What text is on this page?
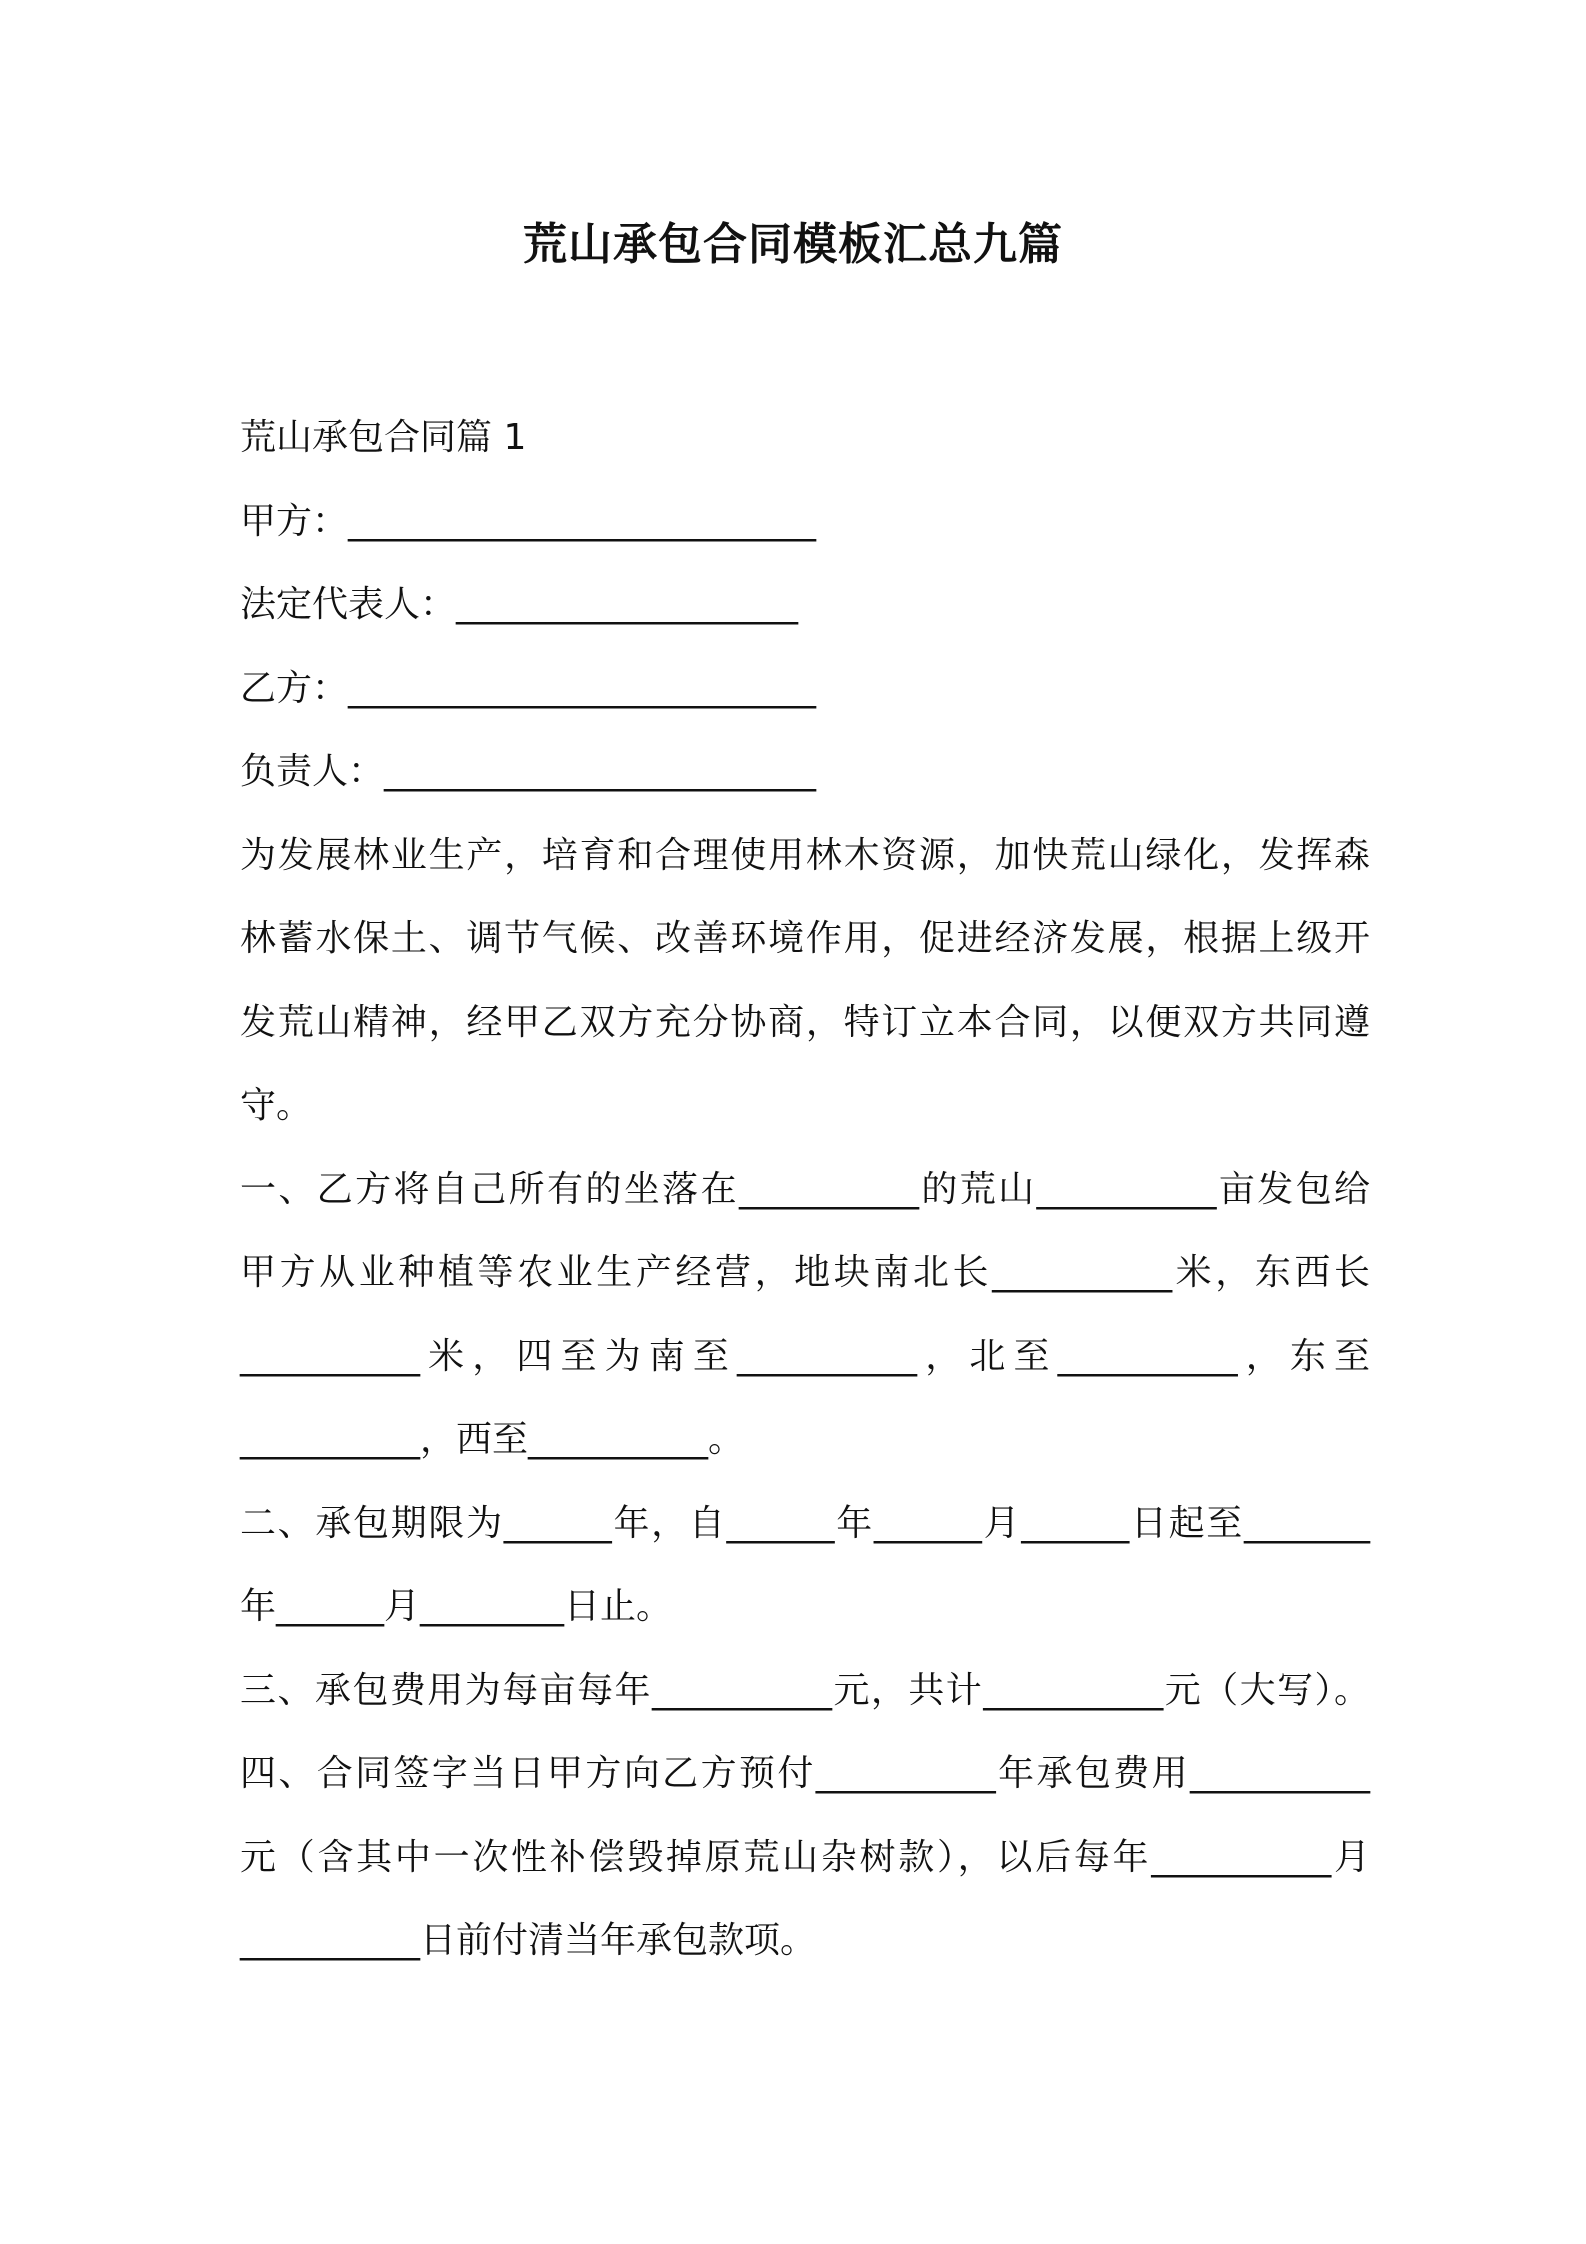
荒山承包合同模板汇总九篇
荒山承包合同篇 1
甲方：__________________________
法定代表人：___________________
乙方：__________________________
负责人：________________________
为发展林业生产，培育和合理使用林木资源，加快荒山绿化，发挥森
林蓄水保土、调节气候、改善环境作用，促进经济发展，根据上级开
发荒山精神，经甲乙双方充分协商，特订立本合同，以便双方共同遵
守。
一、乙方将自己所有的坐落在__________的荒山__________亩发包给
甲方从业种植等农业生产经营，地块南北长__________米，东西长
__________米，四至为南至__________，北至__________，东至
__________，西至__________。
二、承包期限为______年，自______年______月______日起至_______
年______月________日止。
三、承包费用为每亩每年__________元，共计__________元（大写）。
四、合同签字当日甲方向乙方预付__________年承包费用__________
元（含其中一次性补偿毁掉原荒山杂树款），以后每年__________月
__________日前付清当年承包款项。
